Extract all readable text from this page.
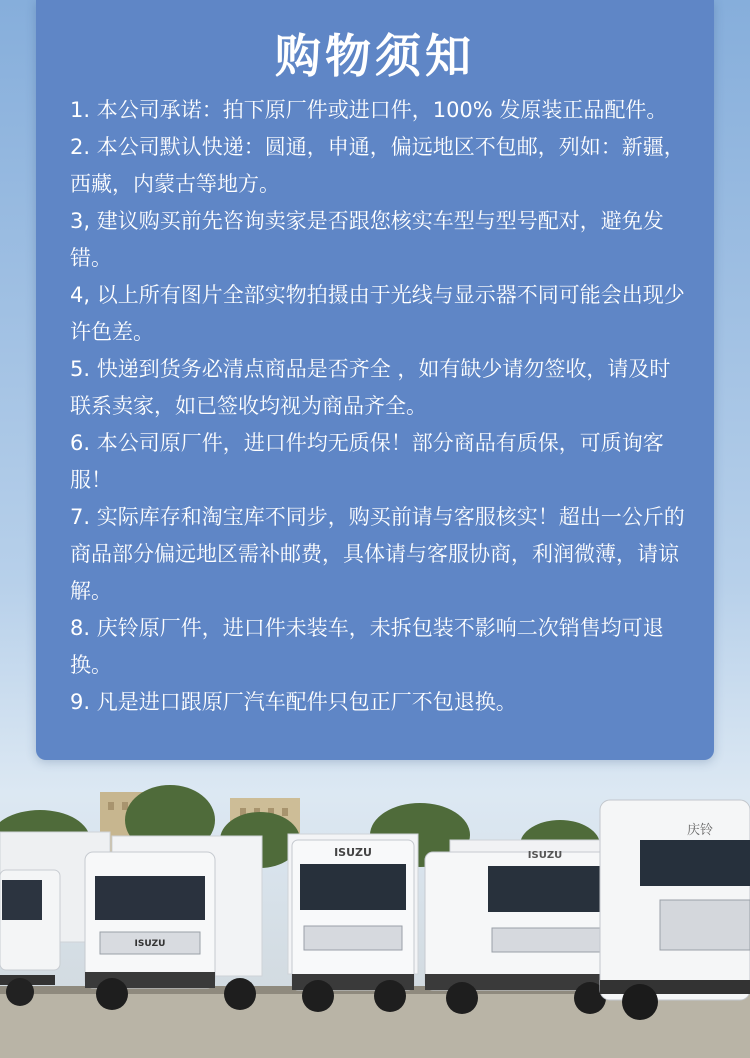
购物须知
1. 本公司承诺：拍下原厂件或进口件，100% 发原装正品配件。
2. 本公司默认快递：圆通，申通，偏远地区不包邮，列如：新疆，西藏，内蒙古等地方。
3, 建议购买前先咨询卖家是否跟您核实车型与型号配对，避免发错。
4, 以上所有图片全部实物拍摄由于光线与显示器不同可能会出现少许色差。
5. 快递到货务必清点商品是否齐全 ，如有缺少请勿签收，请及时联系卖家，如已签收均视为商品齐全。
6. 本公司原厂件，进口件均无质保！部分商品有质保，可质询客服！
7. 实际库存和淘宝库不同步，购买前请与客服核实！超出一公斤的商品部分偏远地区需补邮费，具体请与客服协商，利润微薄，请谅解。
8. 庆铃原厂件，进口件未装车，未拆包装不影响二次销售均可退换。
9. 凡是进口跟原厂汽车配件只包正厂不包退换。
ISUZU
ISUZU	ISUZU
庆铃
